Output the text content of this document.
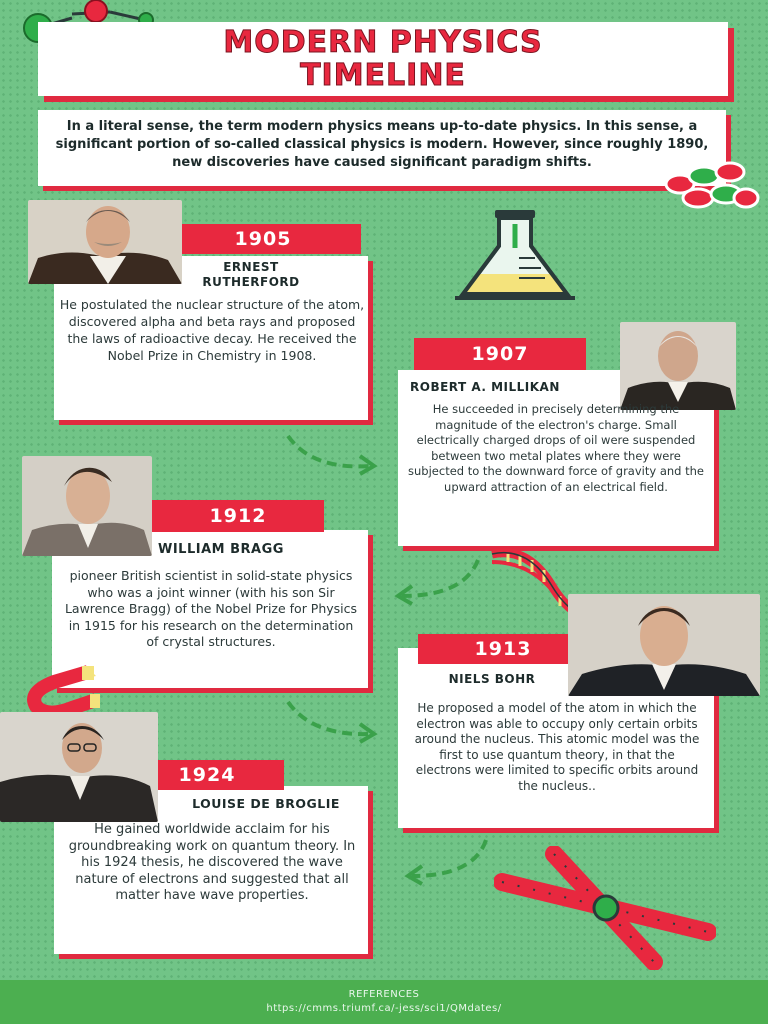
MODERN PHYSICS
TIMELINE
In a literal sense, the term modern physics means up-to-date physics. In this sense, a significant portion of so-called classical physics is modern. However, since roughly 1890, new discoveries have caused significant paradigm shifts.
1905
ERNEST RUTHERFORD
He postulated the nuclear structure of the atom, discovered alpha and beta rays and proposed the laws of radioactive decay. He received the Nobel Prize in Chemistry in 1908.	1907
ROBERT A. MILLIKAN
He succeeded in precisely determining the magnitude of the electron's charge. Small electrically charged drops of oil were suspended between two metal plates where they were subjected to the downward force of gravity and the upward attraction of an electrical field.
1912
WILLIAM BRAGG
pioneer British scientist in solid-state physics who was a joint winner (with his son Sir Lawrence Bragg) of the Nobel Prize for Physics in 1915 for his research on the determination of crystal structures.	1913
NIELS BOHR
He proposed a model of the atom in which the electron was able to occupy only certain orbits around the nucleus. This atomic model was the first to use quantum theory, in that the electrons were limited to specific orbits around the nucleus..
1924
LOUISE DE BROGLIE
He gained worldwide acclaim for his groundbreaking work on quantum theory. In his 1924 thesis, he discovered the wave nature of electrons and suggested that all matter have wave properties.
REFERENCES
https://cmms.triumf.ca/-jess/sci1/QMdates/
